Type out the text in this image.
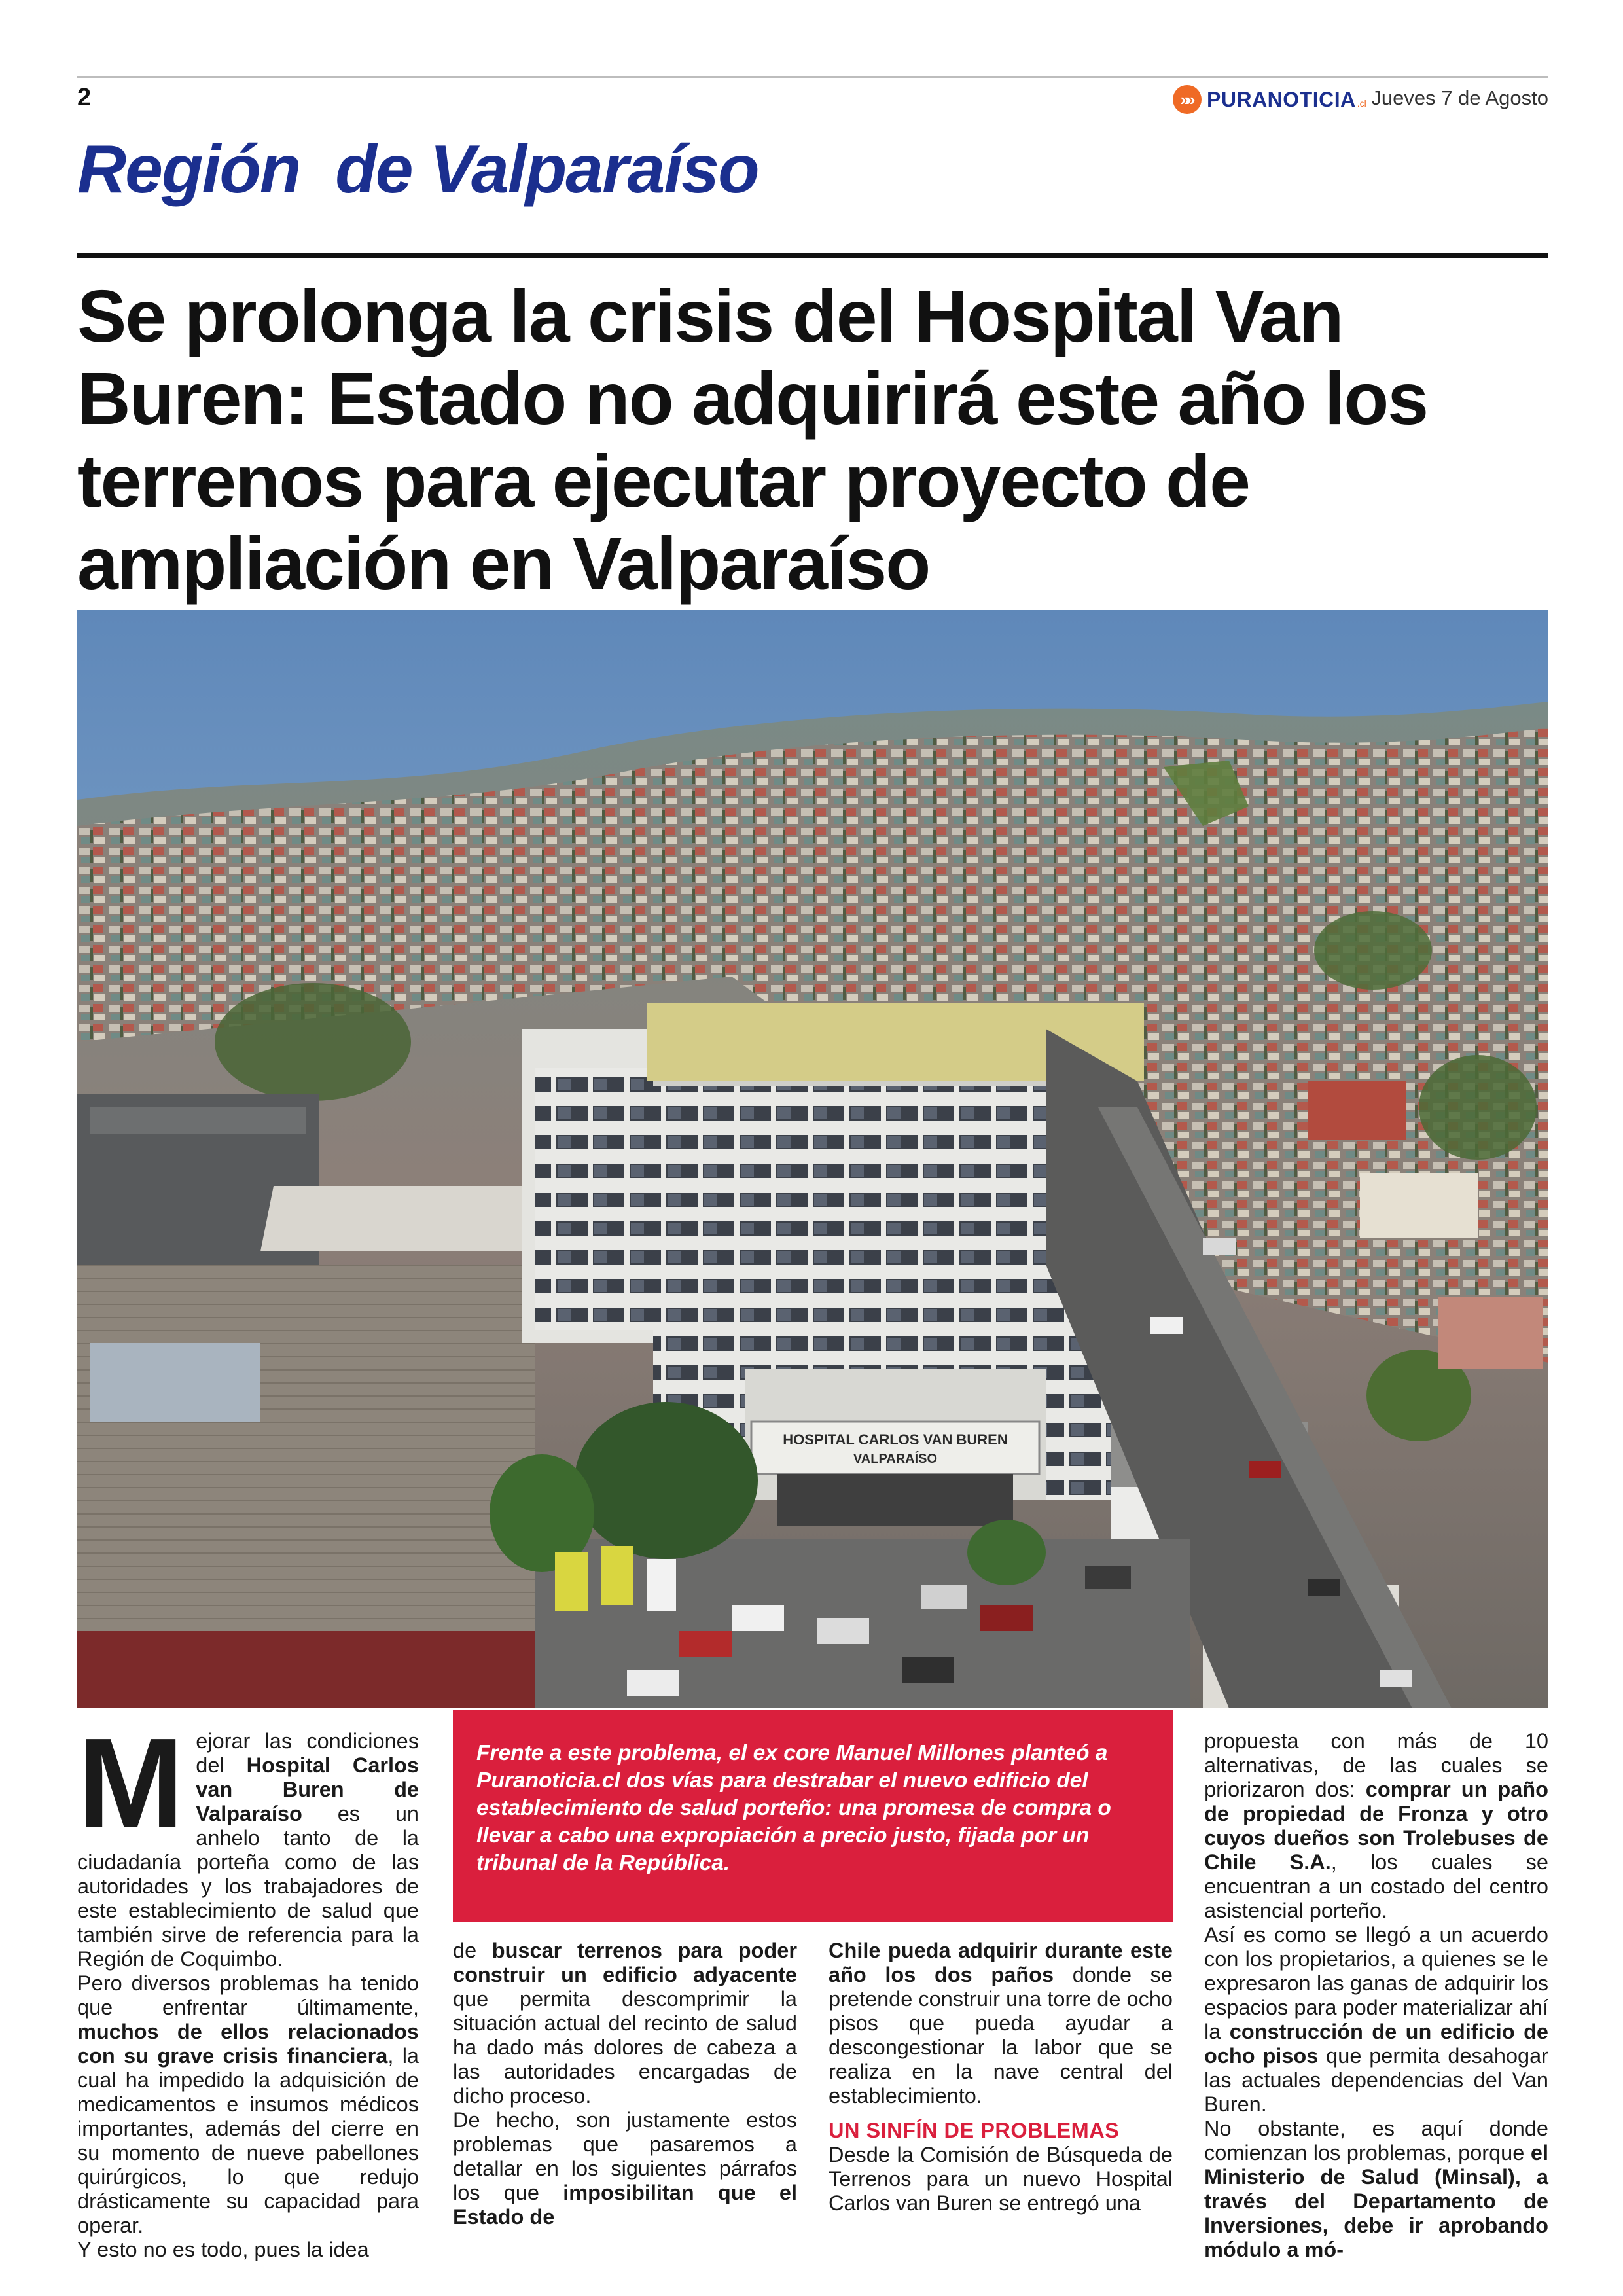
2	»» PURANOTICIA .cl Jueves 7 de Agosto
Región  de Valparaíso
Se prolonga la crisis del Hospital Van Buren: Estado no adquirirá este año los terrenos para ejecutar proyecto de ampliación en Valparaíso
HOSPITAL CARLOS VAN BUREN
VALPARAÍSO
Frente a este problema, el ex core Manuel Millones planteó a Puranoticia.cl dos vías para destrabar el nuevo edificio del establecimiento de salud porteño: una promesa de compra o llevar a cabo una expropiación a precio justo, fijada por un tribunal de la República.

Mejorar las condiciones del Hospital Carlos van Buren de Valparaíso es un anhelo tanto de la ciudadanía porteña como de las autoridades y los trabajadores de este establecimiento de salud que también sirve de referencia para la Región de Coquimbo.
Pero diversos problemas ha tenido que enfrentar últimamente, muchos de ellos relacionados con su grave crisis financiera, la cual ha impedido la adquisición de medicamentos e insumos médicos importantes, además del cierre en su momento de nueve pabellones quirúrgicos, lo que redujo drásticamente su capacidad para operar.
Y esto no es todo, pues la idea

de buscar terrenos para poder construir un edificio adyacente que permita descomprimir la situación actual del recinto de salud ha dado más dolores de cabeza a las autoridades encargadas de dicho proceso.
De hecho, son justamente estos problemas que pasaremos a detallar en los siguientes párrafos los que imposibilitan que el Estado de

Chile pueda adquirir durante este año los dos paños donde se pretende construir una torre de ocho pisos que pueda ayudar a descongestionar la labor que se realiza en la nave central del establecimiento.

UN SINFÍN DE PROBLEMAS
Desde la Comisión de Búsqueda de Terrenos para un nuevo Hospital Carlos van Buren se entregó una

propuesta con más de 10 alternativas, de las cuales se priorizaron dos: comprar un paño de propiedad de Fronza y otro cuyos dueños son Trolebuses de Chile S.A., los cuales se encuentran a un costado del centro asistencial porteño.
Así es como se llegó a un acuerdo con los propietarios, a quienes se le expresaron las ganas de adquirir los espacios para poder materializar ahí la construcción de un edificio de ocho pisos que permita desahogar las actuales dependencias del Van Buren.
No obstante, es aquí donde comienzan los problemas, porque el Ministerio de Salud (Minsal), a través del Departamento de Inversiones, debe ir aprobando módulo a mó-
